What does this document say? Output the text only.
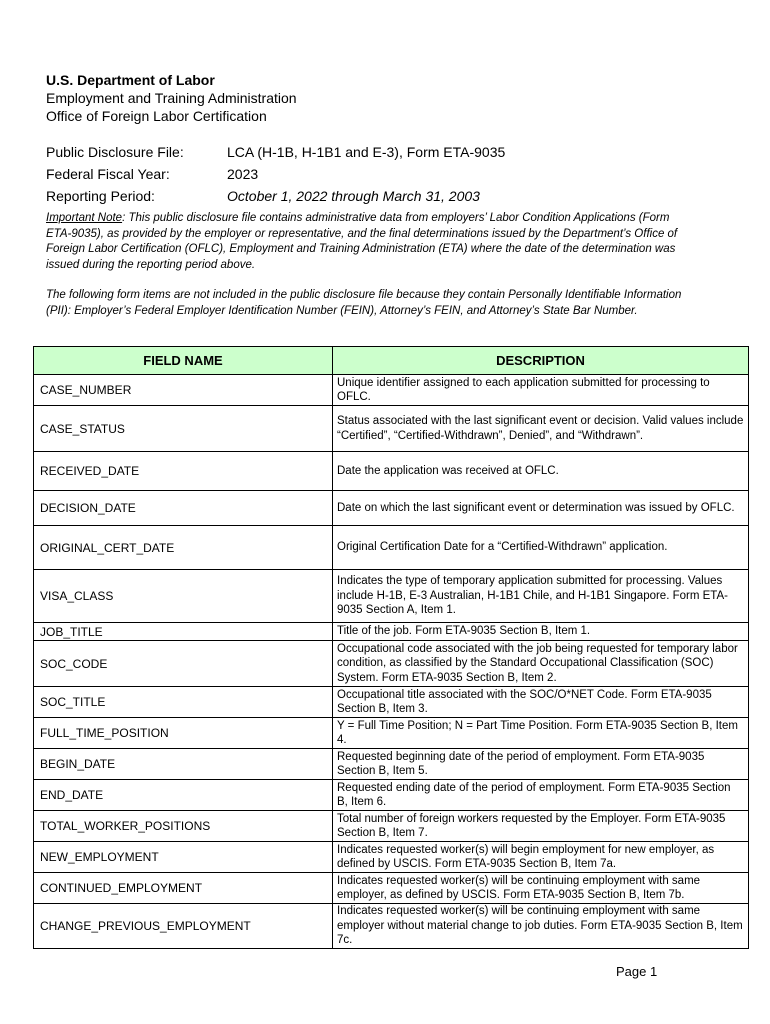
U.S. Department of Labor
Employment and Training Administration
Office of Foreign Labor Certification
Public Disclosure File:	LCA (H-1B, H-1B1 and E-3), Form ETA-9035
Federal Fiscal Year:	2023
Reporting Period:	October 1, 2022 through March 31, 2003
Important Note: This public disclosure file contains administrative data from employers’ Labor Condition Applications (Form ETA-9035), as provided by the employer or representative, and the final determinations issued by the Department’s Office of Foreign Labor Certification (OFLC), Employment and Training Administration (ETA) where the date of the determination was issued during the reporting period above.
The following form items are not included in the public disclosure file because they contain Personally Identifiable Information (PII): Employer’s Federal Employer Identification Number (FEIN), Attorney’s FEIN, and Attorney’s State Bar Number.
FIELD NAME	DESCRIPTION
CASE_NUMBER	Unique identifier assigned to each application submitted for processing to OFLC.
CASE_STATUS	Status associated with the last significant event or decision. Valid values include “Certified”, “Certified-Withdrawn”, Denied”, and “Withdrawn”.
RECEIVED_DATE	Date the application was received at OFLC.
DECISION_DATE	Date on which the last significant event or determination was issued by OFLC.
ORIGINAL_CERT_DATE	Original Certification Date for a “Certified-Withdrawn” application.
VISA_CLASS	Indicates the type of temporary application submitted for processing. Values include H-1B, E-3 Australian, H-1B1 Chile, and H-1B1 Singapore. Form ETA-9035 Section A, Item 1.
JOB_TITLE	Title of the job. Form ETA-9035 Section B, Item 1.
SOC_CODE	Occupational code associated with the job being requested for temporary labor condition, as classified by the Standard Occupational Classification (SOC) System. Form ETA-9035 Section B, Item 2.
SOC_TITLE	Occupational title associated with the SOC/O*NET Code. Form ETA-9035 Section B, Item 3.
FULL_TIME_POSITION	Y = Full Time Position; N = Part Time Position. Form ETA-9035 Section B, Item 4.
BEGIN_DATE	Requested beginning date of the period of employment. Form ETA-9035 Section B, Item 5.
END_DATE	Requested ending date of the period of employment. Form ETA-9035 Section B, Item 6.
TOTAL_WORKER_POSITIONS	Total number of foreign workers requested by the Employer. Form ETA-9035 Section B, Item 7.
NEW_EMPLOYMENT	Indicates requested worker(s) will begin employment for new employer, as defined by USCIS. Form ETA-9035 Section B, Item 7a.
CONTINUED_EMPLOYMENT	Indicates requested worker(s) will be continuing employment with same employer, as defined by USCIS. Form ETA-9035 Section B, Item 7b.
CHANGE_PREVIOUS_EMPLOYMENT	Indicates requested worker(s) will be continuing employment with same employer without material change to job duties. Form ETA-9035 Section B, Item 7c.
Page 1
